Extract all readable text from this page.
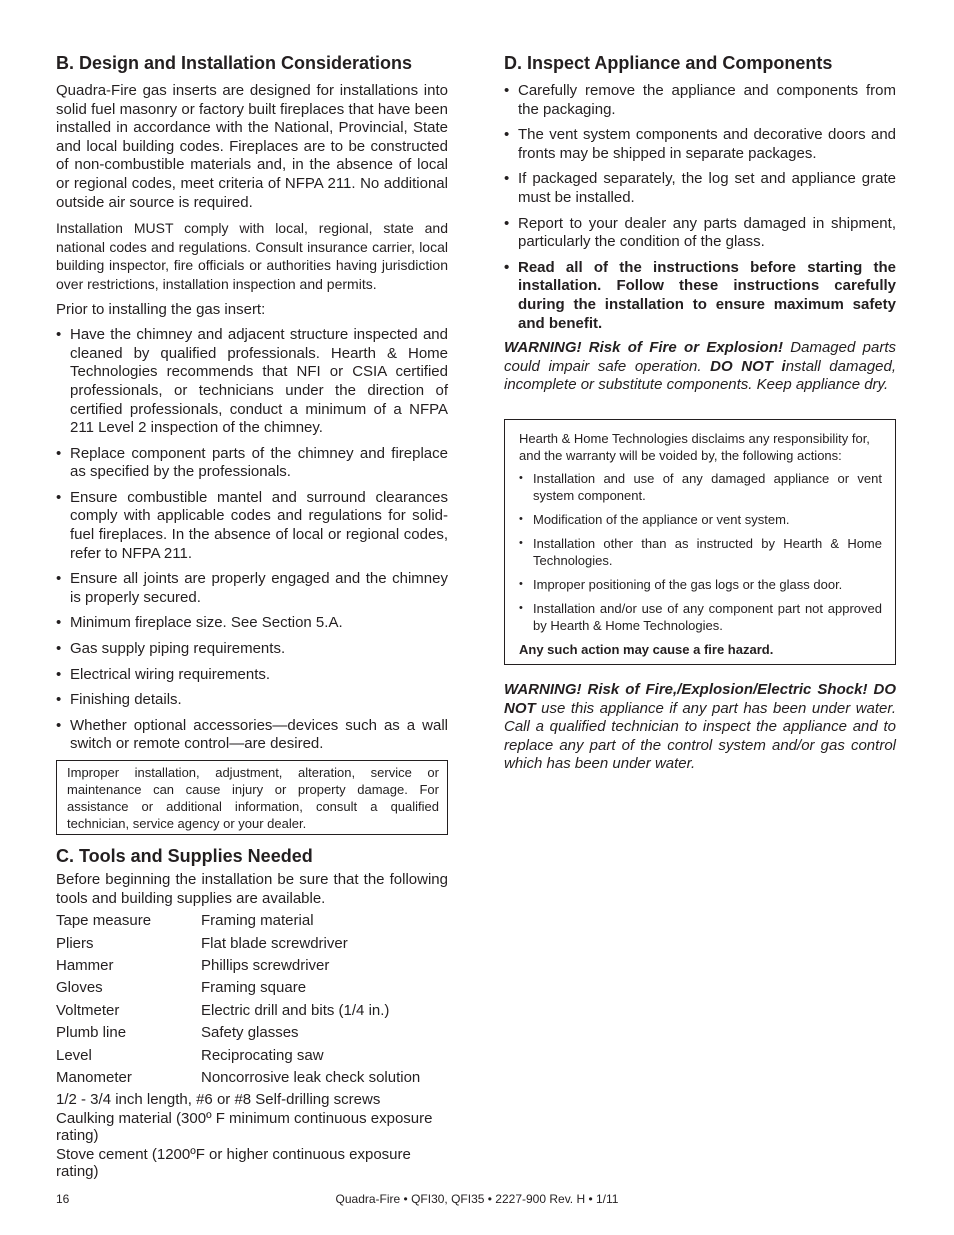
B. Design and Installation Considerations

Quadra-Fire gas inserts are designed for installations into solid fuel masonry or factory built fireplaces that have been installed in accordance with the National, Provincial, State and local building codes. Fireplaces are to be constructed of non-combustible materials and, in the absence of local or regional codes, meet criteria of NFPA 211. No additional outside air source is required.

Installation MUST comply with local, regional, state and national codes and regulations. Consult insurance carrier, local building inspector, fire officials or authorities having jurisdiction over restrictions, installation inspection and permits.

Prior to installing the gas insert:

• Have the chimney and adjacent structure inspected and cleaned by qualified professionals. Hearth & Home Technologies recommends that NFI or CSIA certified professionals, or technicians under the direction of certified professionals, conduct a minimum of a NFPA 211 Level 2 inspection of the chimney.
• Replace component parts of the chimney and fireplace as specified by the professionals.
• Ensure combustible mantel and surround clearances comply with applicable codes and regulations for solid-fuel fireplaces. In the absence of local or regional codes, refer to NFPA 211.
• Ensure all joints are properly engaged and the chimney is properly secured.
• Minimum fireplace size. See Section 5.A.
• Gas supply piping requirements.
• Electrical wiring requirements.
• Finishing details.
• Whether optional accessories—devices such as a wall switch or remote control—are desired.
Improper installation, adjustment, alteration, service or maintenance can cause injury or property damage. For assistance or additional information, consult a qualified technician, service agency or your dealer.
C. Tools and Supplies Needed

Before beginning the installation be sure that the following tools and building supplies are available.

Tape measure	Framing material
Pliers	Flat blade screwdriver
Hammer	Phillips screwdriver
Gloves	Framing square
Voltmeter	Electric drill and bits (1/4 in.)
Plumb line	Safety glasses
Level	Reciprocating saw
Manometer	Noncorrosive leak check solution

1/2 - 3/4 inch length, #6 or #8 Self-drilling screws

Caulking material (300º F minimum continuous exposure rating)

Stove cement (1200ºF or higher continuous exposure rating)

D. Inspect Appliance and Components
• Carefully remove the appliance and components from the packaging.
• The vent system components and decorative doors and fronts may be shipped in separate packages.
• If packaged separately, the log set and appliance grate must be installed.
• Report to your dealer any parts damaged in shipment, particularly the condition of the glass.
• Read all of the instructions before starting the installation. Follow these instructions carefully during the installation to ensure maximum safety and benefit.

WARNING! Risk of Fire or Explosion! Damaged parts could impair safe operation. DO NOT install damaged, incomplete or substitute components. Keep appliance dry.

Hearth & Home Technologies disclaims any responsibility for, and the warranty will be voided by, the following actions:

• Installation and use of any damaged appliance or vent system component.
• Modification of the appliance or vent system.
• Installation other than as instructed by Hearth & Home Technologies.
• Improper positioning of the gas logs or the glass door.
• Installation and/or use of any component part not approved by Hearth & Home Technologies.

Any such action may cause a fire hazard.

WARNING! Risk of Fire,/Explosion/Electric Shock! DO NOT use this appliance if any part has been under water. Call a qualified technician to inspect the appliance and to replace any part of the control system and/or gas control which has been under water.

16	Quadra-Fire • QFI30, QFI35 • 2227-900 Rev. H • 1/11
